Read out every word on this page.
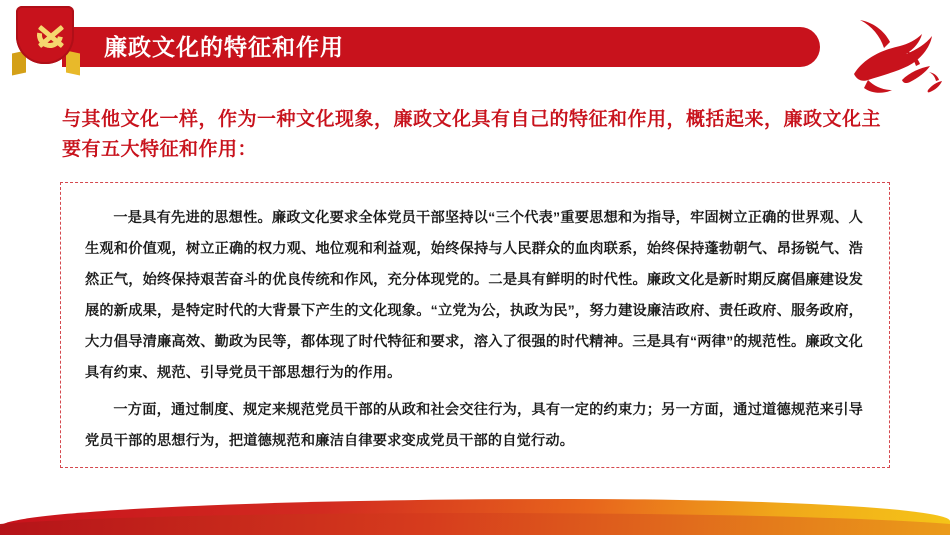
廉政文化的特征和作用
与其他文化一样，作为一种文化现象，廉政文化具有自己的特征和作用，概括起来，廉政文化主要有五大特征和作用：

一是具有先进的思想性。廉政文化要求全体党员干部坚持以“三个代表”重要思想和为指导，牢固树立正确的世界观、人生观和价值观，树立正确的权力观、地位观和利益观，始终保持与人民群众的血肉联系，始终保持蓬勃朝气、昂扬锐气、浩然正气，始终保持艰苦奋斗的优良传统和作风，充分体现党的。二是具有鲜明的时代性。廉政文化是新时期反腐倡廉建设发展的新成果，是特定时代的大背景下产生的文化现象。“立党为公，执政为民”，努力建设廉洁政府、责任政府、服务政府，大力倡导清廉高效、勤政为民等，都体现了时代特征和要求，溶入了很强的时代精神。三是具有“两律”的规范性。廉政文化具有约束、规范、引导党员干部思想行为的作用。

一方面，通过制度、规定来规范党员干部的从政和社会交往行为，具有一定的约束力；另一方面，通过道德规范来引导党员干部的思想行为，把道德规范和廉洁自律要求变成党员干部的自觉行动。
